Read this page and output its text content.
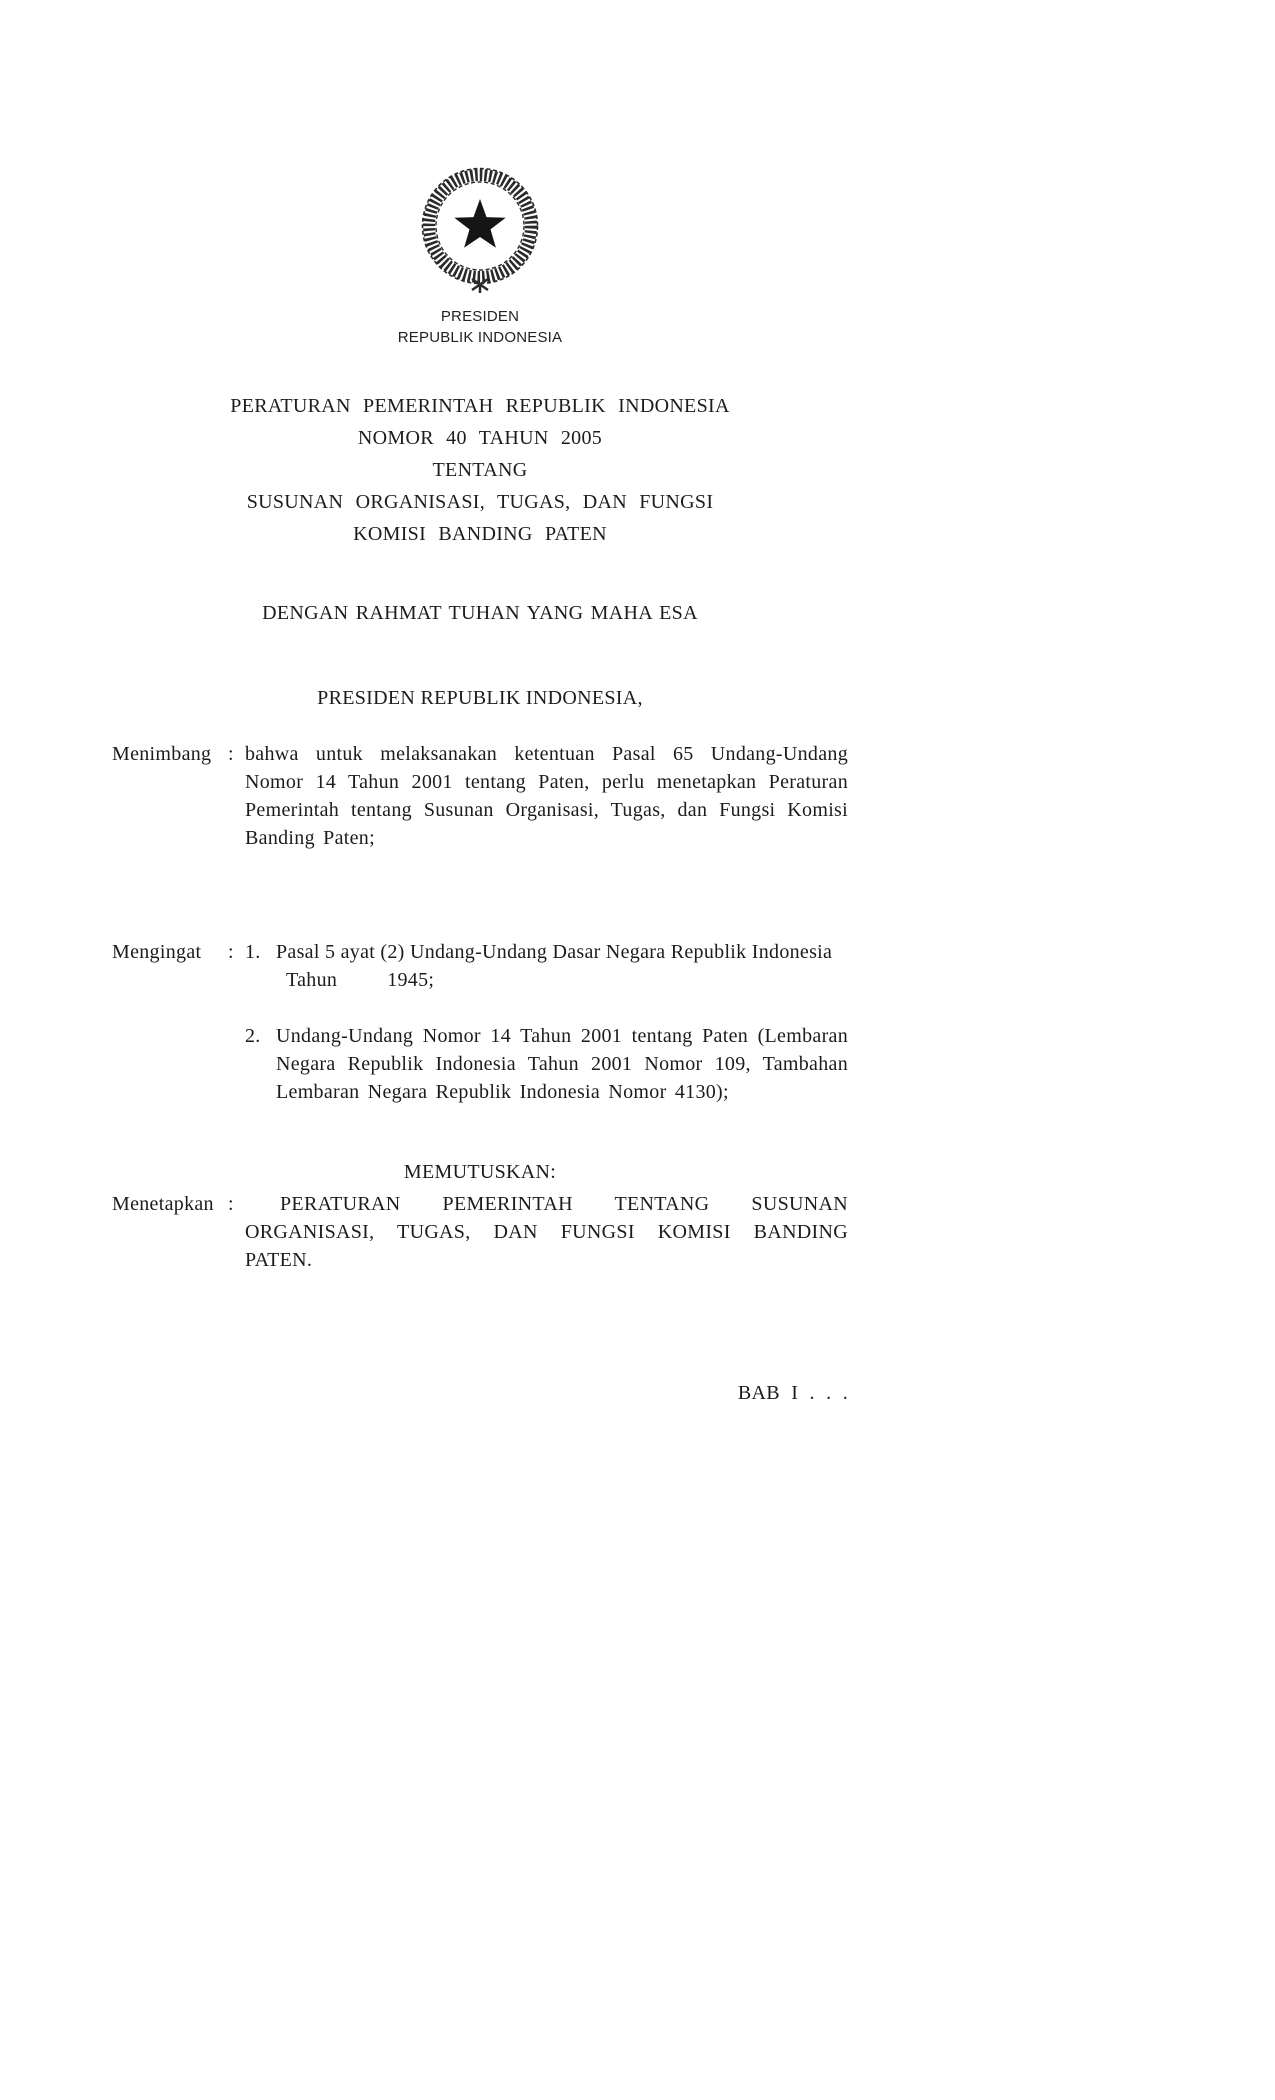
PRESIDEN
REPUBLIK INDONESIA
PERATURAN PEMERINTAH REPUBLIK INDONESIA
NOMOR 40 TAHUN 2005
TENTANG
SUSUNAN ORGANISASI, TUGAS, DAN FUNGSI
KOMISI BANDING PATEN
DENGAN RAHMAT TUHAN YANG MAHA ESA
PRESIDEN REPUBLIK INDONESIA,
Menimbang : bahwa untuk melaksanakan ketentuan Pasal 65 Undang-Undang Nomor 14 Tahun 2001 tentang Paten, perlu menetapkan Peraturan Pemerintah tentang Susunan Organisasi, Tugas, dan Fungsi Komisi Banding Paten;

Mengingat	: 1. Pasal 5 ayat (2) Undang-Undang Dasar Negara Republik Indonesia
Tahun	1945;
2. Undang-Undang Nomor 14 Tahun 2001 tentang Paten (Lembaran Negara Republik Indonesia Tahun 2001 Nomor 109, Tambahan Lembaran Negara Republik Indonesia Nomor 4130);
MEMUTUSKAN:
Menetapkan :	PERATURAN PEMERINTAH TENTANG SUSUNAN ORGANISASI, TUGAS, DAN FUNGSI KOMISI BANDING PATEN.

BAB I . . .
